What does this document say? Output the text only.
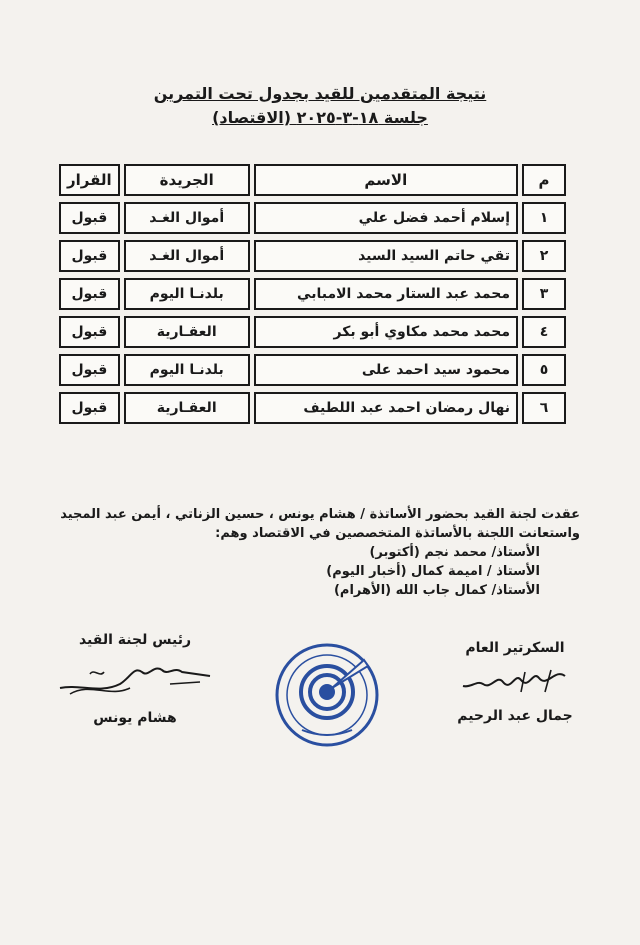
نتيجة المتقدمين للقيد بجدول تحت التمرين
جلسة ١٨-٣-٢٠٢٥ (الاقتصاد)
م	الاسم	الجريدة	القرار
١	إسلام أحمد فضل علي	أموال الغـد	قبول
٢	تقي حاتم السيد السيد	أموال الغـد	قبول
٣	محمد عبد الستار محمد الامبابي	بلدنـا اليوم	قبول
٤	محمد محمد مكاوي أبو بكر	العقـارية	قبول
٥	محمود سيد احمد على	بلدنـا اليوم	قبول
٦	نهال رمضان احمد عبد اللطيف	العقـارية	قبول
عقدت لجنة القيد بحضور الأساتذة / هشام يونس ، حسين الزناتي ، أيمن عبد المجيد
واستعانت اللجنة بالأساتذة المتخصصين في الاقتصاد وهم:
الأستاذ/ محمد نجم (أكتوبر)
الأستاذ / اميمة كمال (أخبار اليوم)
الأستاذ/ كمال جاب الله (الأهرام)
السكرتير العام
جمال عبد الرحيم
رئيس لجنة القيد
هشام يونس
